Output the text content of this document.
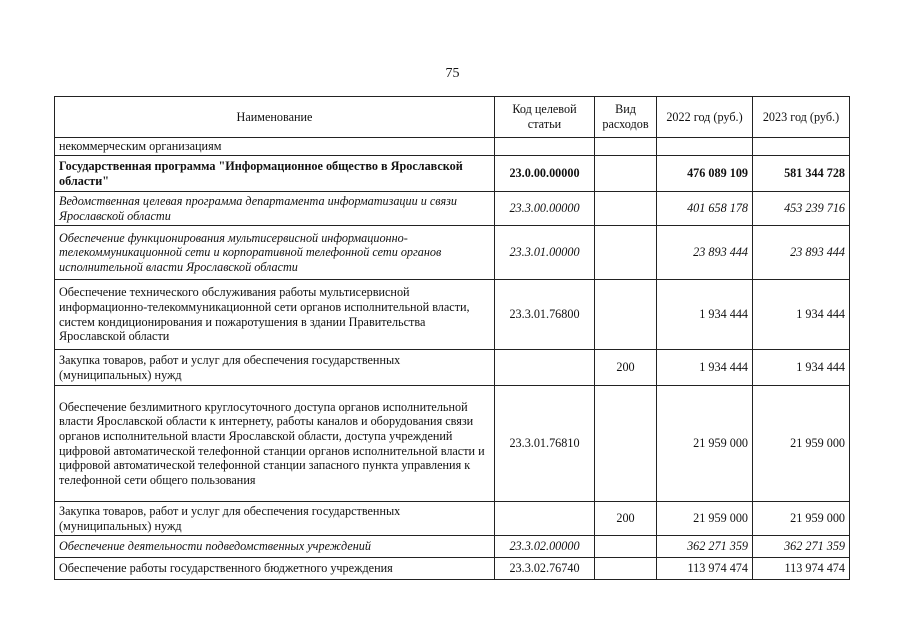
75
Наименование	Код целевой статьи	Вид расходов	2022 год (руб.)	2023 год (руб.)
некоммерческим организациям				
Государственная программа "Информационное общество в Ярославской области"	23.0.00.00000		476 089 109	581 344 728
Ведомственная целевая программа департамента информатизации и связи Ярославской области	23.3.00.00000		401 658 178	453 239 716
Обеспечение функционирования мультисервисной информационно-телекоммуникационной сети и корпоративной телефонной сети органов исполнительной власти Ярославской области	23.3.01.00000		23 893 444	23 893 444
Обеспечение технического обслуживания работы мультисервисной информационно-телекоммуникационной сети органов исполнительной власти, систем кондиционирования и пожаротушения в здании Правительства Ярославской области	23.3.01.76800		1 934 444	1 934 444
Закупка товаров, работ и услуг для обеспечения государственных (муниципальных) нужд		200	1 934 444	1 934 444
Обеспечение безлимитного круглосуточного доступа органов исполнительной власти Ярославской области к интернету, работы каналов и оборудования связи органов исполнительной власти Ярославской области, доступа учреждений цифровой автоматической телефонной станции органов исполнительной власти и цифровой автоматической телефонной станции запасного пункта управления к телефонной сети общего пользования	23.3.01.76810		21 959 000	21 959 000
Закупка товаров, работ и услуг для обеспечения государственных (муниципальных) нужд		200	21 959 000	21 959 000
Обеспечение деятельности подведомственных учреждений	23.3.02.00000		362 271 359	362 271 359
Обеспечение работы государственного бюджетного учреждения	23.3.02.76740		113 974 474	113 974 474
